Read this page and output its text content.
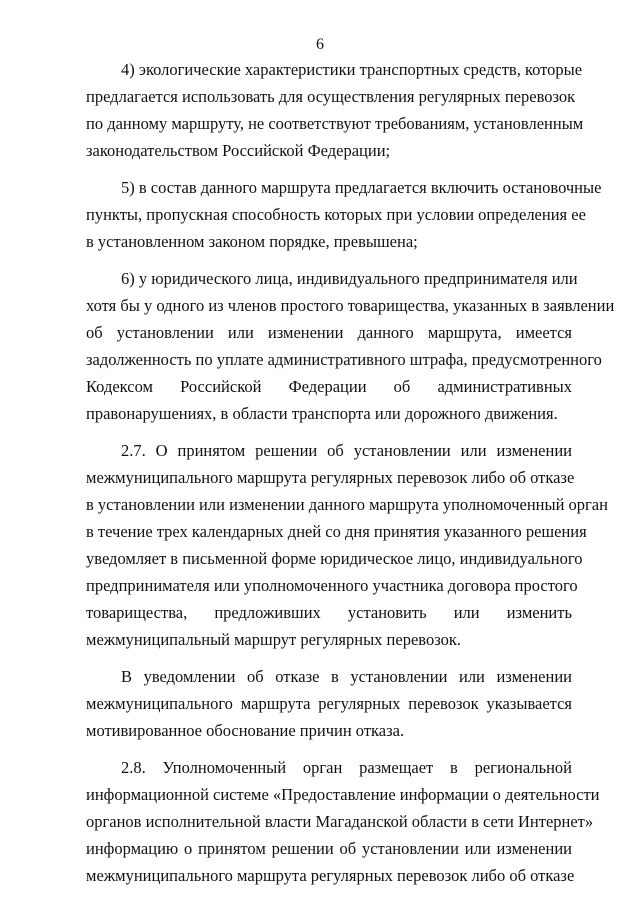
6
4) экологические характеристики транспортных средств, которые
предлагается использовать для осуществления регулярных перевозок
по данному маршруту, не соответствуют требованиям, установленным
законодательством Российской Федерации;
5) в состав данного маршрута предлагается включить остановочные
пункты, пропускная способность которых при условии определения ее
в установленном законом порядке, превышена;
6) у юридического лица, индивидуального предпринимателя или
хотя бы у одного из членов простого товарищества, указанных в заявлении
об установлении или изменении данного маршрута, имеется
задолженность по уплате административного штрафа, предусмотренного
Кодексом Российской Федерации об административных
правонарушениях, в области транспорта или дорожного движения.
2.7. О принятом решении об установлении или изменении
межмуниципального маршрута регулярных перевозок либо об отказе
в установлении или изменении данного маршрута уполномоченный орган
в течение трех календарных дней со дня принятия указанного решения
уведомляет в письменной форме юридическое лицо, индивидуального
предпринимателя или уполномоченного участника договора простого
товарищества, предложивших установить или изменить
межмуниципальный маршрут регулярных перевозок.
В уведомлении об отказе в установлении или изменении
межмуниципального маршрута регулярных перевозок указывается
мотивированное обоснование причин отказа.
2.8. Уполномоченный орган размещает в региональной
информационной системе «Предоставление информации о деятельности
органов исполнительной власти Магаданской области в сети Интернет»
информацию о принятом решении об установлении или изменении
межмуниципального маршрута регулярных перевозок либо об отказе
